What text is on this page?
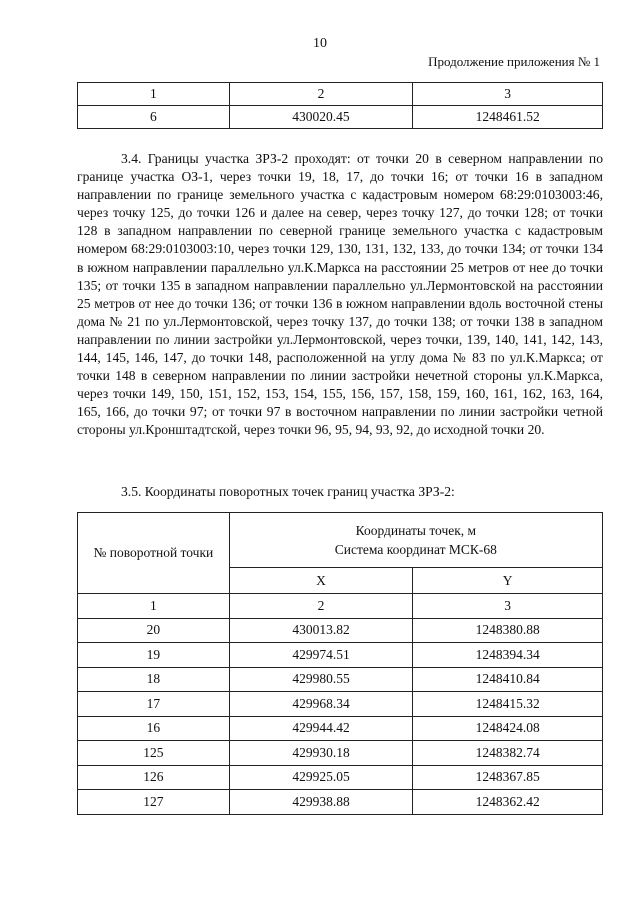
10
Продолжение приложения № 1
1	2	3
6	430020.45	1248461.52

3.4. Границы участка ЗРЗ-2 проходят: от точки 20 в северном направлении по границе участка ОЗ-1, через точки 19, 18, 17, до точки 16; от точки 16 в западном направлении по границе земельного участка с кадастровым номером 68:29:0103003:46, через точку 125, до точки 126 и далее на север, через точку 127, до точки 128; от точки 128 в западном направлении по северной границе земельного участка с кадастровым номером 68:29:0103003:10, через точки 129, 130, 131, 132, 133, до точки 134; от точки 134 в южном направлении параллельно ул.К.Маркса на расстоянии 25 метров от нее до точки 135; от точки 135 в западном направлении параллельно ул.Лермонтовской на расстоянии 25 метров от нее до точки 136; от точки 136 в южном направлении вдоль восточной стены дома № 21 по ул.Лермонтовской, через точку 137, до точки 138; от точки 138 в западном направлении по линии застройки ул.Лермонтовской, через точки, 139, 140, 141, 142, 143, 144, 145, 146, 147, до точки 148, расположенной на углу дома № 83 по ул.К.Маркса; от точки 148 в северном направлении по линии застройки нечетной стороны ул.К.Маркса, через точки 149, 150, 151, 152, 153, 154, 155, 156, 157, 158, 159, 160, 161, 162, 163, 164, 165, 166, до точки 97; от точки 97 в восточном направлении по линии застройки четной стороны ул.Кронштадтской, через точки 96, 95, 94, 93, 92, до исходной точки 20.

3.5. Координаты поворотных точек границ участка ЗРЗ-2:

№ поворотной точки	Координаты точек, м
Система координат МСК-68	

	X	Y
1	2	3
20	430013.82	1248380.88
19	429974.51	1248394.34
18	429980.55	1248410.84
17	429968.34	1248415.32
16	429944.42	1248424.08
125	429930.18	1248382.74
126	429925.05	1248367.85
127	429938.88	1248362.42
